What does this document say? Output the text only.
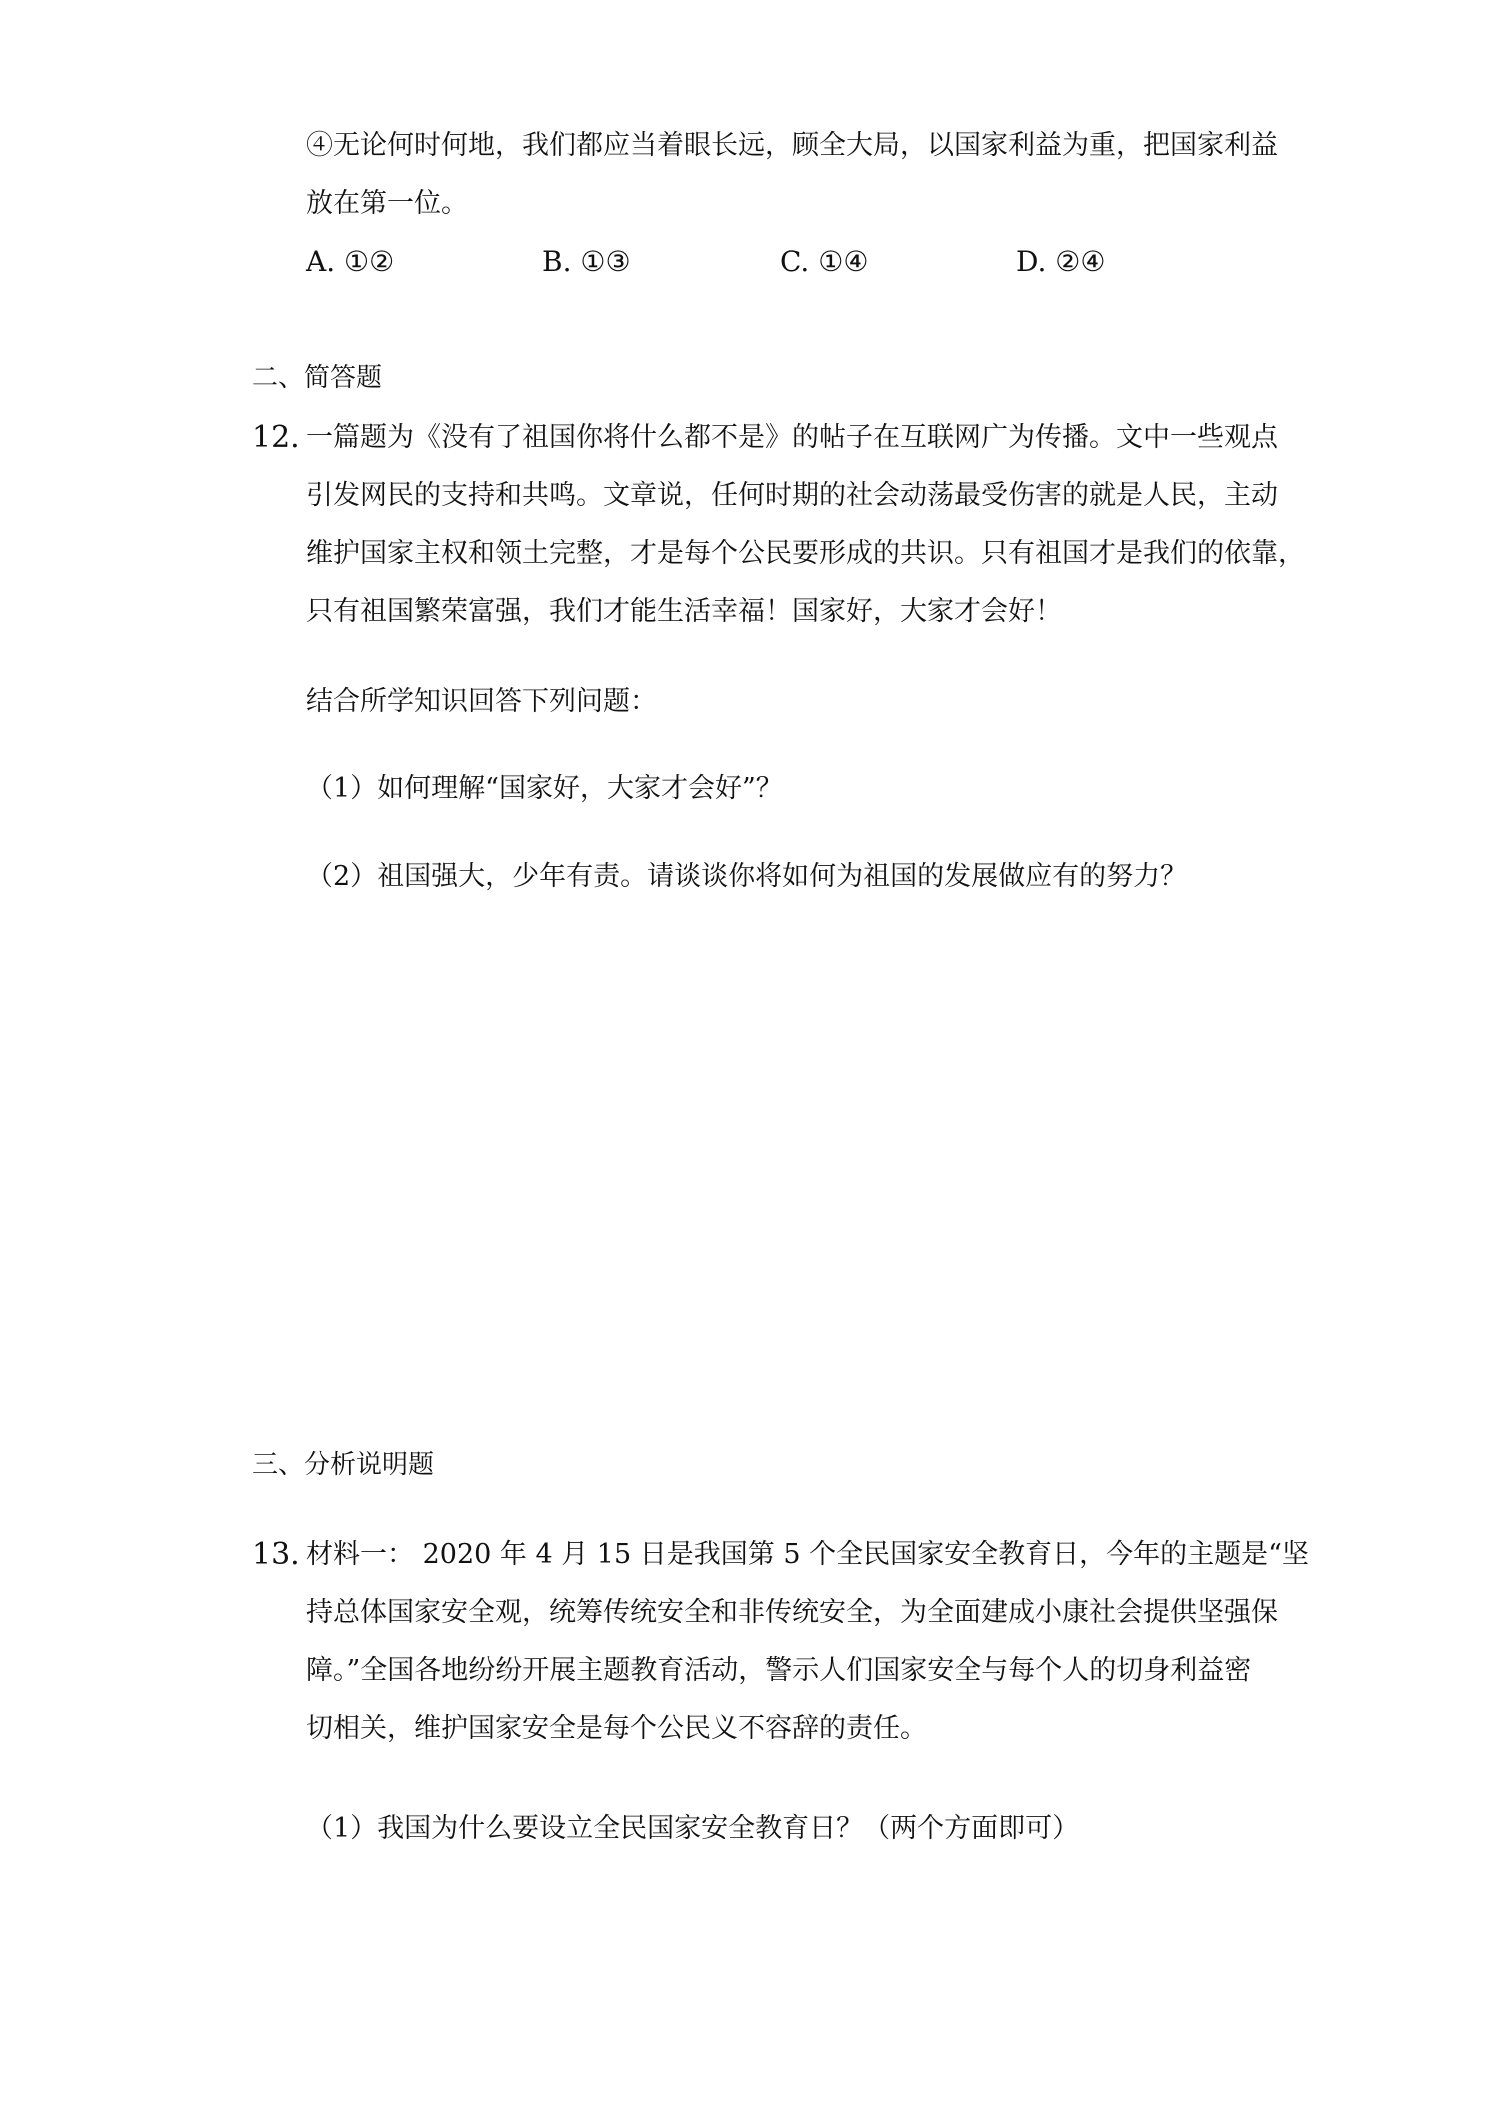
④无论何时何地，我们都应当着眼长远，顾全大局，以国家利益为重，把国家利益
放在第一位。
A. ①②	B. ①③	C. ①④	D. ②④
二、简答题
12. 一篇题为《没有了祖国你将什么都不是》的帖子在互联网广为传播。文中一些观点
引发网民的支持和共鸣。文章说，任何时期的社会动荡最受伤害的就是人民，主动
维护国家主权和领土完整，才是每个公民要形成的共识。只有祖国才是我们的依靠，
只有祖国繁荣富强，我们才能生活幸福！国家好，大家才会好！
结合所学知识回答下列问题：
（1）如何理解“国家好，大家才会好”？
（2）祖国强大，少年有责。请谈谈你将如何为祖国的发展做应有的努力？
三、分析说明题
13. 材料一： 2020 年 4 月 15 日是我国第 5 个全民国家安全教育日，今年的主题是“坚
持总体国家安全观，统筹传统安全和非传统安全，为全面建成小康社会提供坚强保
障。”全国各地纷纷开展主题教育活动，警示人们国家安全与每个人的切身利益密
切相关，维护国家安全是每个公民义不容辞的责任。
（1）我国为什么要设立全民国家安全教育日？（两个方面即可）
